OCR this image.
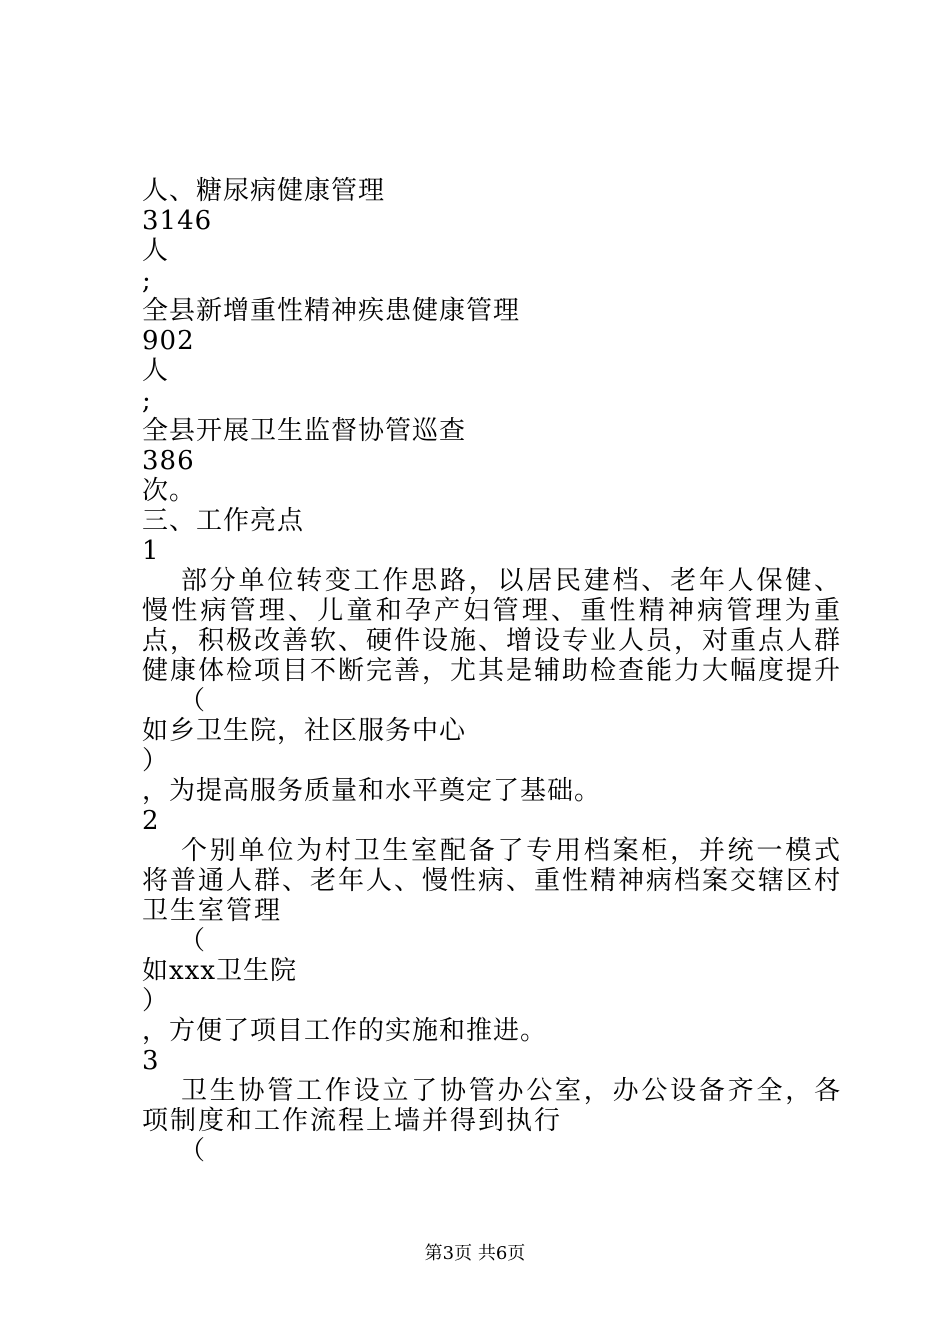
人、糖尿病健康管理

3146

人

;

全县新增重性精神疾患健康管理

902

人

;

全县开展卫生监督协管巡查

386

次。

三、工作亮点

1

部分单位转变工作思路，以居民建档、老年人保健、慢性病管理、儿童和孕产妇管理、重性精神病管理为重点，积极改善软、硬件设施、增设专业人员，对重点人群健康体检项目不断完善，尤其是辅助检查能力大幅度提升

（

如乡卫生院，社区服务中心

）

，为提高服务质量和水平奠定了基础。

2

个别单位为村卫生室配备了专用档案柜，并统一模式将普通人群、老年人、慢性病、重性精神病档案交辖区村卫生室管理

（

如xxx卫生院

）

，方便了项目工作的实施和推进。

3

卫生协管工作设立了协管办公室，办公设备齐全，各项制度和工作流程上墙并得到执行

（

第3页 共6页
